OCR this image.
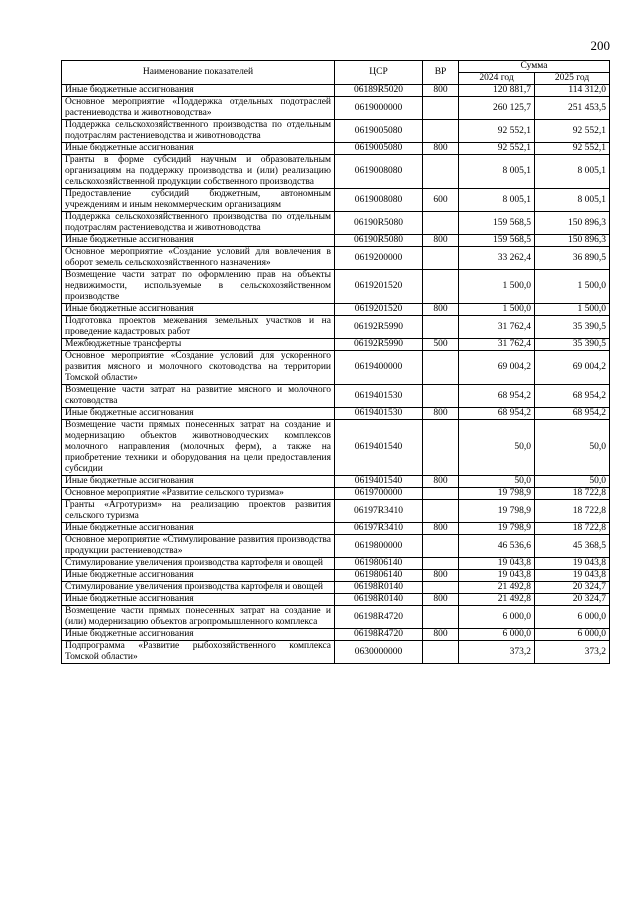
200
Наименование показателей	ЦСР	ВР	Сумма	
			2024 год	2025 год
Иные бюджетные ассигнования	06189R5020	800	120 881,7	114 312,0
Основное мероприятие «Поддержка отдельных подотраслей растениеводства и животноводства»	0619000000		260 125,7	251 453,5
Поддержка сельскохозяйственного производства по отдельным подотраслям растениеводства и животноводства	0619005080		92 552,1	92 552,1
Иные бюджетные ассигнования	0619005080	800	92 552,1	92 552,1
Гранты в форме субсидий научным и образовательным организациям на поддержку производства и (или) реализацию сельскохозяйственной продукции собственного производства	0619008080		8 005,1	8 005,1
Предоставление субсидий бюджетным, автономным учреждениям и иным некоммерческим организациям	0619008080	600	8 005,1	8 005,1
Поддержка сельскохозяйственного производства по отдельным подотраслям растениеводства и животноводства	06190R5080		159 568,5	150 896,3
Иные бюджетные ассигнования	06190R5080	800	159 568,5	150 896,3
Основное мероприятие «Создание условий для вовлечения в оборот земель сельскохозяйственного назначения»	0619200000		33 262,4	36 890,5
Возмещение части затрат по оформлению прав на объекты недвижимости, используемые в сельскохозяйственном производстве	0619201520		1 500,0	1 500,0
Иные бюджетные ассигнования	0619201520	800	1 500,0	1 500,0
Подготовка проектов межевания земельных участков и на проведение кадастровых работ	06192R5990		31 762,4	35 390,5
Межбюджетные трансферты	06192R5990	500	31 762,4	35 390,5
Основное мероприятие «Создание условий для ускоренного развития мясного и молочного скотоводства на территории Томской области»	0619400000		69 004,2	69 004,2
Возмещение части затрат на развитие мясного и молочного скотоводства	0619401530		68 954,2	68 954,2
Иные бюджетные ассигнования	0619401530	800	68 954,2	68 954,2
Возмещение части прямых понесенных затрат на создание и модернизацию объектов животноводческих комплексов молочного направления (молочных ферм), а также на приобретение техники и оборудования на цели предоставления субсидии	0619401540		50,0	50,0
Иные бюджетные ассигнования	0619401540	800	50,0	50,0
Основное мероприятие «Развитие сельского туризма»	0619700000		19 798,9	18 722,8
Гранты «Агротуризм» на реализацию проектов развития сельского туризма	06197R3410		19 798,9	18 722,8
Иные бюджетные ассигнования	06197R3410	800	19 798,9	18 722,8
Основное мероприятие «Стимулирование развития производства продукции растениеводства»	0619800000		46 536,6	45 368,5
Стимулирование увеличения производства картофеля и овощей	0619806140		19 043,8	19 043,8
Иные бюджетные ассигнования	0619806140	800	19 043,8	19 043,8
Стимулирование увеличения производства картофеля и овощей	06198R0140		21 492,8	20 324,7
Иные бюджетные ассигнования	06198R0140	800	21 492,8	20 324,7
Возмещение части прямых понесенных затрат на создание и (или) модернизацию объектов агропромышленного комплекса	06198R4720		6 000,0	6 000,0
Иные бюджетные ассигнования	06198R4720	800	6 000,0	6 000,0
Подпрограмма «Развитие рыбохозяйственного комплекса Томской области»	0630000000		373,2	373,2
